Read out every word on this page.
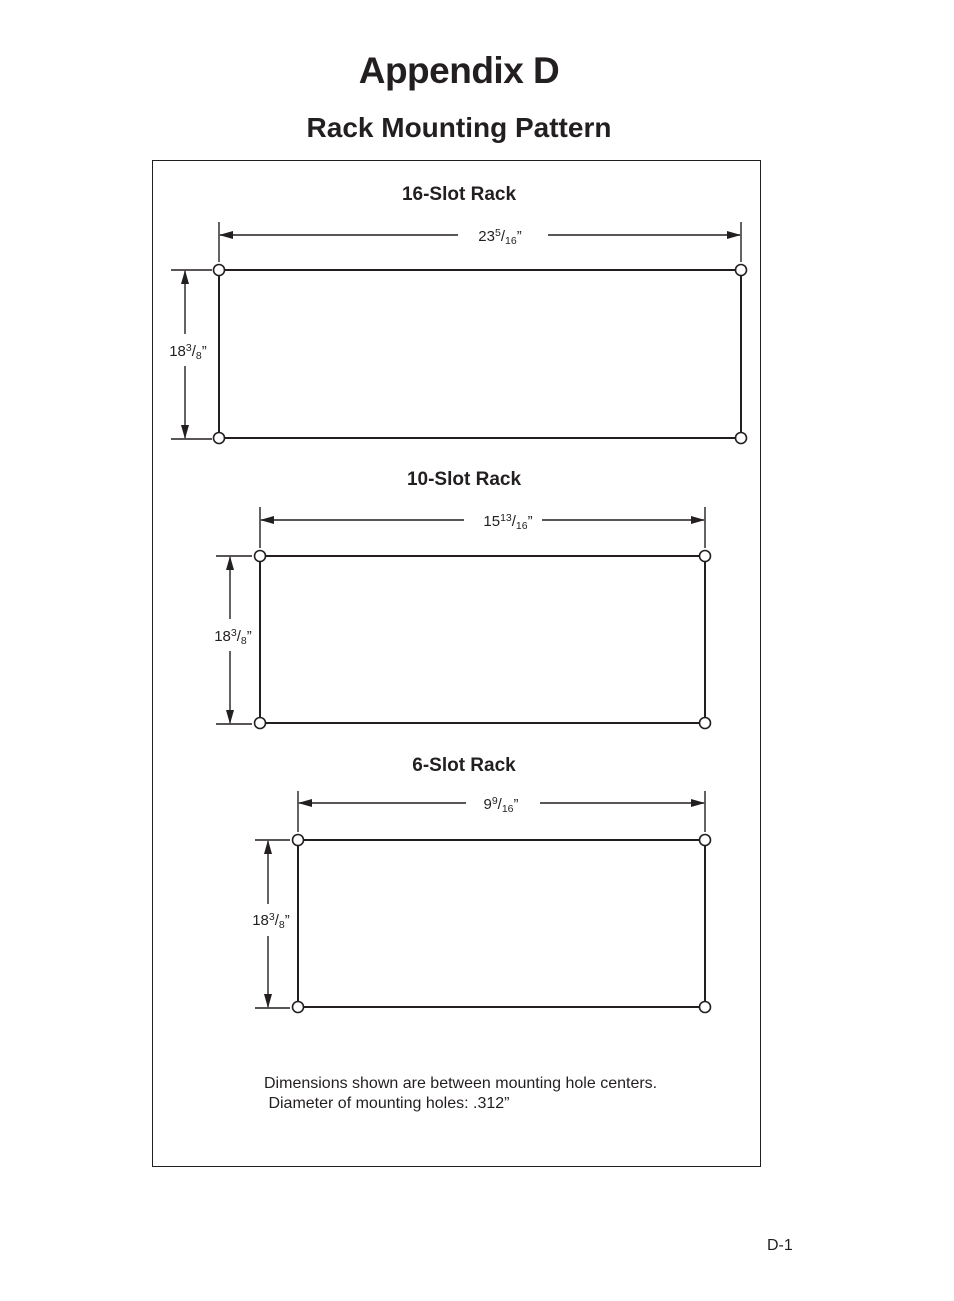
Appendix D
Rack Mounting Pattern
16-Slot Rack
$23^5/_{16}$”
$18^3/_8$”
10-Slot Rack
$15^{13}/_{16}$”
$18^3/_8$”
6-Slot Rack
$9^9/_{16}$”
$18^3/_8$”
Dimensions shown are between mounting hole centers.
Diameter of mounting holes: .312”
D-1
